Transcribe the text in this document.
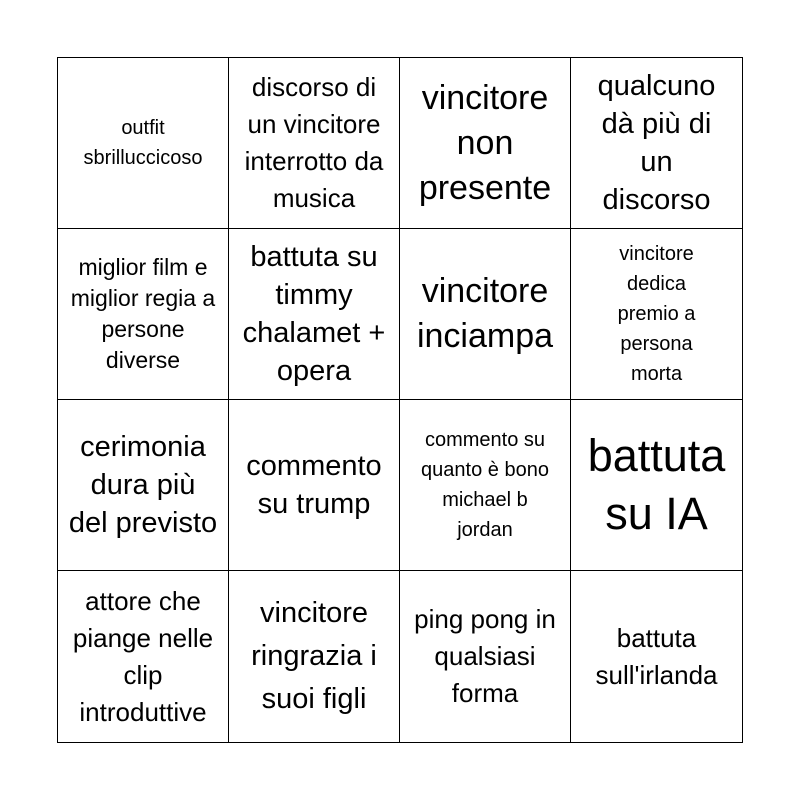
outfit sbrilluccicoso
discorso di un vincitore interrotto da musica
vincitore non presente
qualcuno dà più di un discorso
miglior film e miglior regia a persone diverse
battuta su timmy chalamet + opera
vincitore inciampa
vincitore dedica premio a persona morta
cerimonia dura più del previsto
commento su trump
commento su quanto è bono michael b jordan
battuta su IA
attore che piange nelle clip introduttive
vincitore ringrazia i suoi figli
ping pong in qualsiasi forma
battuta sull'irlanda
